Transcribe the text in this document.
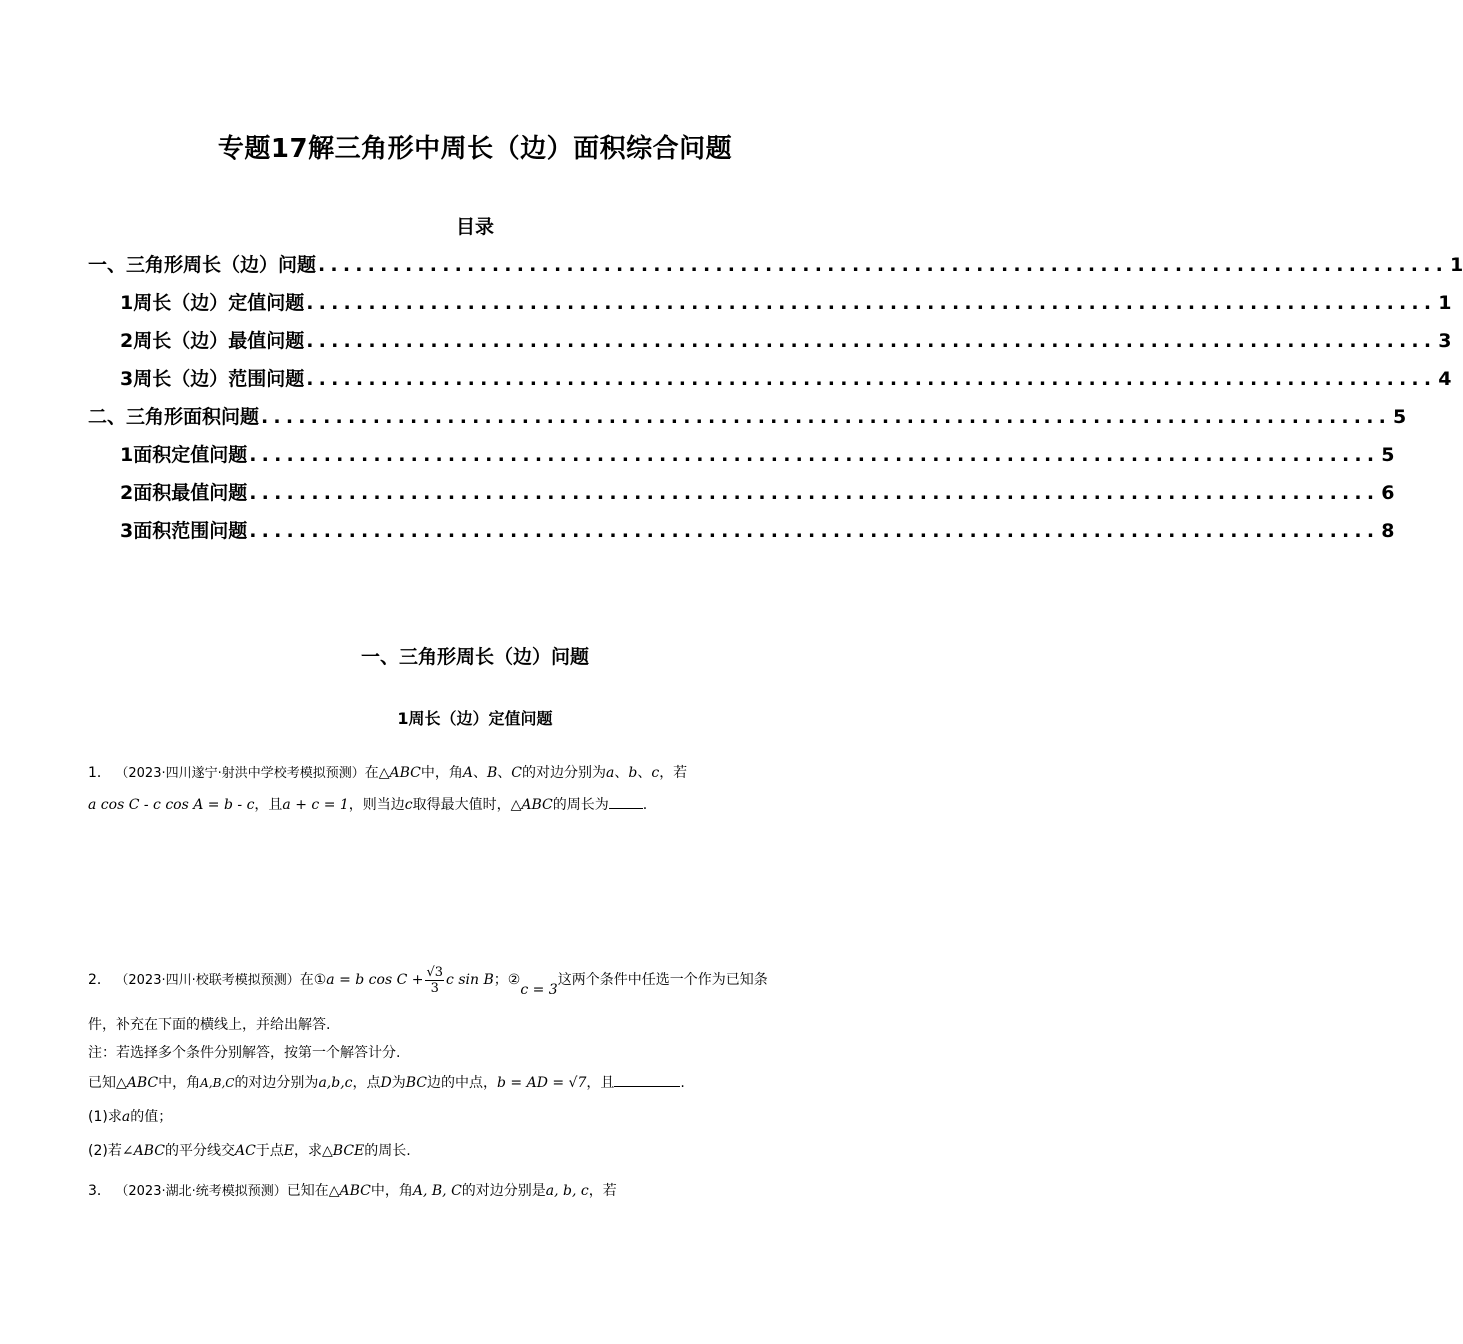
专题17解三角形中周长（边）面积综合问题
目录
一、三角形周长（边）问题 ........................................................................................... 1
1周长（边）定值问题 ........................................................................................... 1
2周长（边）最值问题 ........................................................................................... 3
3周长（边）范围问题 ........................................................................................... 4
二、三角形面积问题 ........................................................................................... 5
1面积定值问题 ........................................................................................... 5
2面积最值问题 ........................................................................................... 6
3面积范围问题 ........................................................................................... 8
一、三角形周长（边）问题
1周长（边）定值问题

1． （2023·四川遂宁·射洪中学校考模拟预测）在△ABC中，角A、B、C的对边分别为a、b、c，若

a cos C - c cos A = b - c，且a + c = 1，则当边c取得最大值时，△ABC的周长为 .

2． （2023·四川·校联考模拟预测）在①a = b $\cos C + \frac{√3}{3}$ c sin B；②c = 3这两个条件中任选一个作为已知条

件，补充在下面的横线上，并给出解答.

注：若选择多个条件分别解答，按第一个解答计分.

已知△ABC中，角A,B,C的对边分别为a,b,c，点D为BC边的中点，b = AD = √7，且	.

(1)求a的值；

(2)若∠ABC的平分线交AC于点E，求△BCE的周长.

3． （2023·湖北·统考模拟预测）已知在△ABC中，角A, B, C的对边分别是a, b, c，若
